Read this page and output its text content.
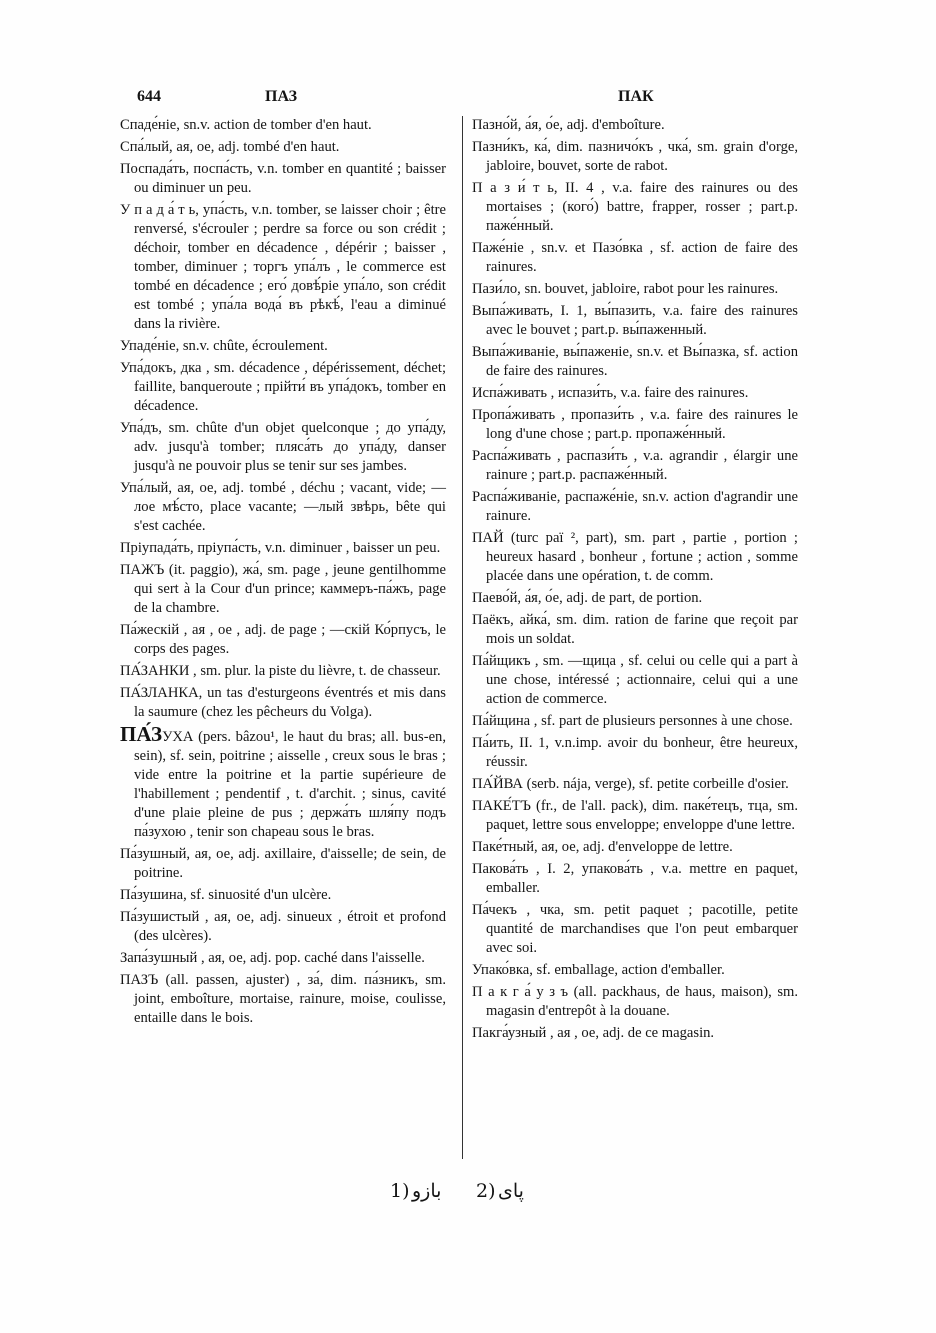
644	ПАЗ	ПАК

Спаде́ніе, sn.v. action de tomber d'en haut.

Спа́лый, ая, ое, adj. tombé d'en haut.

Поспада́ть, поспа́сть, v.n. tomber en quantité ; baisser ou diminuer un peu.

У п а д а́ т ь, упа́сть, v.n. tomber, se laisser choir ; être renversé, s'écrouler ; perdre sa force ou son crédit ; déchoir, tomber en décadence , dépérir ; baisser , tomber, diminuer ; торгъ упа́лъ , le commerce est tombé en décadence ; его́ довѣ́ріе упа́ло, son crédit est tombé ; упа́ла вода́ въ рѣкѣ́, l'eau a diminué dans la rivière.

Упаде́ніе, sn.v. chûte, écroulement.

Упа́докъ, дка , sm. décadence , dépérissement, déchet; faillite, banqueroute ; прійти́ въ упа́докъ, tomber en décadence.

Упа́дъ, sm. chûte d'un objet quelconque ; до упа́ду, adv. jusqu'à tomber; пляса́ть до упа́ду, danser jusqu'à ne pouvoir plus se tenir sur ses jambes.

Упа́лый, ая, ое, adj. tombé , déchu ; vacant, vide; —лое мѣ́сто, place vacante; —лый звѣрь, bête qui s'est cachée.

Пріупада́ть, пріупа́сть, v.n. diminuer , baisser un peu.

ПАЖЪ (it. paggio), жа́, sm. page , jeune gentilhomme qui sert à la Cour d'un prince; каммеръ-па́жъ, page de la chambre.

Па́жескій , ая , ое , adj. de page ; —скій Ко́рпусъ, le corps des pages.

ПА́ЗАНКИ , sm. plur. la piste du lièvre, t. de chasseur.

ПА́ЗЛАНКА, un tas d'esturgeons éventrés et mis dans la saumure (chez les pêcheurs du Volga).

ПА́ЗУХА (pers. bâzou¹, le haut du bras; all. bus-en, sein), sf. sein, poitrine ; aisselle , creux sous le bras ; vide entre la poitrine et la partie supérieure de l'habillement ; pendentif , t. d'archit. ; sinus, cavité d'une plaie pleine de pus ; держа́ть шля́пу подъ па́зухою , tenir son chapeau sous le bras.

Па́зушный, ая, ое, adj. axillaire, d'aisselle; de sein, de poitrine.

Па́зушина, sf. sinuosité d'un ulcère.

Па́зушистый , ая, ое, adj. sinueux , étroit et profond (des ulcères).

Запа́зушный , ая, ое, adj. pop. caché dans l'aisselle.

ПАЗЪ (all. passen, ajuster) , за́, dim. па́зникъ, sm. joint, emboîture, mortaise, rainure, moise, coulisse, entaille dans le bois.

Пазно́й, а́я, о́е, adj. d'emboîture.

Пазни́къ, ка́, dim. пазничо́къ , чка́, sm. grain d'orge, jabloire, bouvet, sorte de rabot.

П а з и́ т ь, II. 4 , v.a. faire des rainures ou des mortaises ; (кого́) battre, frapper, rosser ; part.p. паже́нный.

Паже́ніе , sn.v. et Пазо́вка , sf. action de faire des rainures.

Пази́ло, sn. bouvet, jabloire, rabot pour les rainures.

Выпа́живать, I. 1, вы́пазить, v.a. faire des rainures avec le bouvet ; part.p. вы́паженный.

Выпа́живаніе, вы́паженіе, sn.v. et Вы́пазка, sf. action de faire des rainures.

Испа́живать , испази́ть, v.a. faire des rainures.

Пропа́живать , пропази́ть , v.a. faire des rainures le long d'une chose ; part.p. пропаже́нный.

Распа́живать , распази́ть , v.a. agrandir , élargir une rainure ; part.p. распаже́нный.

Распа́живаніе, распаже́ніе, sn.v. action d'agrandir une rainure.

ПАЙ (turc paï ², part), sm. part , partie , portion ; heureux hasard , bonheur , fortune ; action , somme placée dans une opération, t. de comm.

Паево́й, а́я, о́е, adj. de part, de portion.

Паёкъ, айка́, sm. dim. ration de farine que reçoit par mois un soldat.

Па́йщикъ , sm. —щица , sf. celui ou celle qui a part à une chose, intéressé ; actionnaire, celui qui a une action de commerce.

Па́йщина , sf. part de plusieurs personnes à une chose.

Па́ить, II. 1, v.n.imp. avoir du bonheur, être heureux, réussir.

ПА́ЙВА (serb. nája, verge), sf. petite corbeille d'osier.

ПАКЕ́ТЪ (fr., de l'all. pack), dim. паке́тецъ, тца, sm. paquet, lettre sous enveloppe; enveloppe d'une lettre.

Паке́тный, ая, ое, adj. d'enveloppe de lettre.

Пакова́ть , I. 2, упакова́ть , v.a. mettre en paquet, emballer.

Па́чекъ , чка, sm. petit paquet ; pacotille, petite quantité de marchandises que l'on peut embarquer avec soi.

Упако́вка, sf. emballage, action d'emballer.

П а к г а́ у з ъ (all. packhaus, de haus, maison), sm. magasin d'entrepôt à la douane.

Пакга́узный , ая , ое, adj. de ce magasin.

1) بازو 2) پای
